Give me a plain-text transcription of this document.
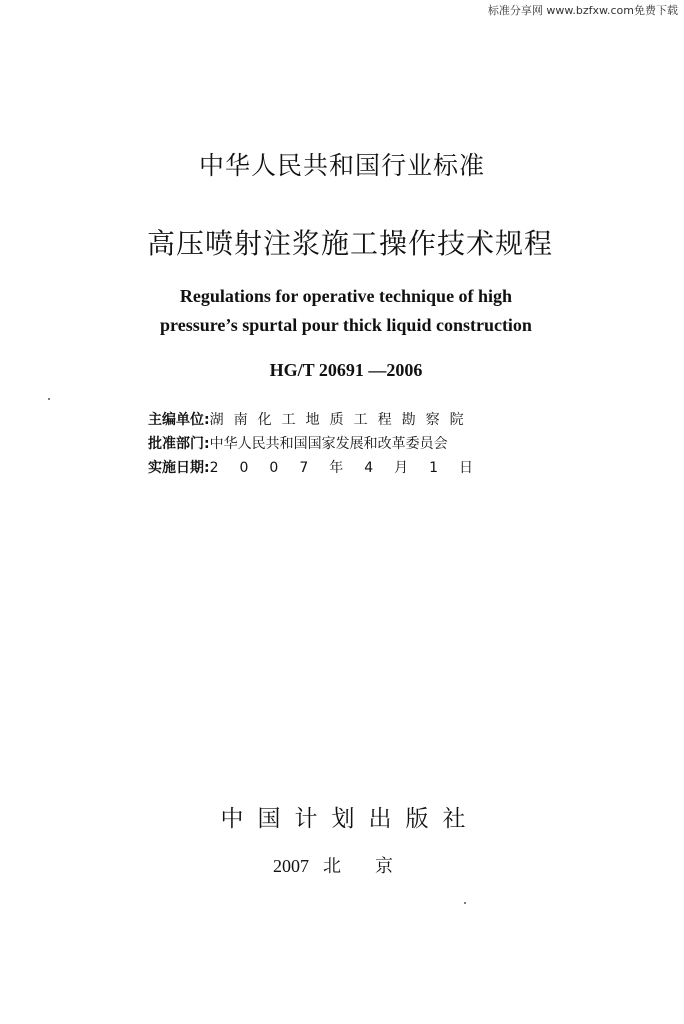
标准分享网 www.bzfxw.com免费下载
中华人民共和国行业标准
高压喷射注浆施工操作技术规程
Regulations for operative technique of high
pressure’s spurtal pour thick liquid construction
HG/T 20691 —2006
主编单位:湖南化工地质工程勘察院
批准部门:中华人民共和国国家发展和改革委员会
实施日期:2007年4月1日
中国计划出版社
2007 北京
